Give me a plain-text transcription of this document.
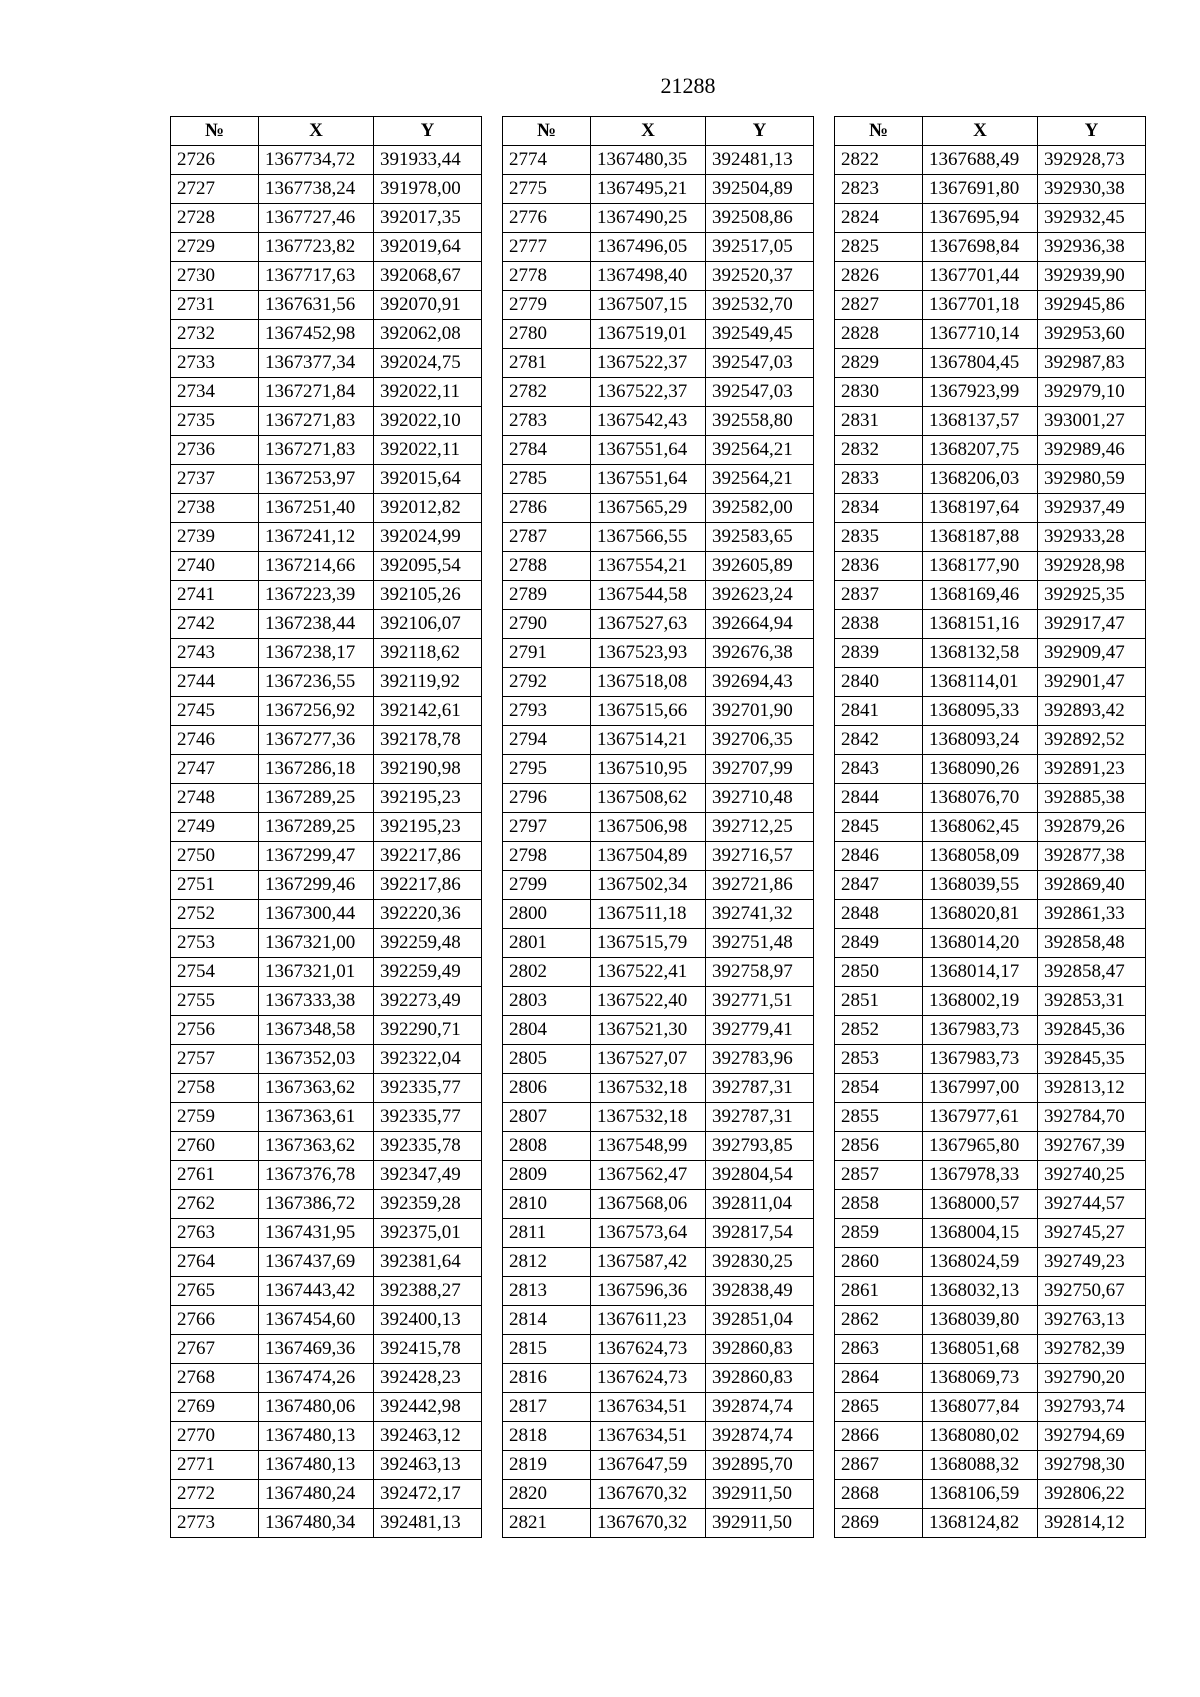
21288
№	X	Y
2726	1367734,72	391933,44
2727	1367738,24	391978,00
2728	1367727,46	392017,35
2729	1367723,82	392019,64
2730	1367717,63	392068,67
2731	1367631,56	392070,91
2732	1367452,98	392062,08
2733	1367377,34	392024,75
2734	1367271,84	392022,11
2735	1367271,83	392022,10
2736	1367271,83	392022,11
2737	1367253,97	392015,64
2738	1367251,40	392012,82
2739	1367241,12	392024,99
2740	1367214,66	392095,54
2741	1367223,39	392105,26
2742	1367238,44	392106,07
2743	1367238,17	392118,62
2744	1367236,55	392119,92
2745	1367256,92	392142,61
2746	1367277,36	392178,78
2747	1367286,18	392190,98
2748	1367289,25	392195,23
2749	1367289,25	392195,23
2750	1367299,47	392217,86
2751	1367299,46	392217,86
2752	1367300,44	392220,36
2753	1367321,00	392259,48
2754	1367321,01	392259,49
2755	1367333,38	392273,49
2756	1367348,58	392290,71
2757	1367352,03	392322,04
2758	1367363,62	392335,77
2759	1367363,61	392335,77
2760	1367363,62	392335,78
2761	1367376,78	392347,49
2762	1367386,72	392359,28
2763	1367431,95	392375,01
2764	1367437,69	392381,64
2765	1367443,42	392388,27
2766	1367454,60	392400,13
2767	1367469,36	392415,78
2768	1367474,26	392428,23
2769	1367480,06	392442,98
2770	1367480,13	392463,12
2771	1367480,13	392463,13
2772	1367480,24	392472,17
2773	1367480,34	392481,13
№	X	Y
2774	1367480,35	392481,13
2775	1367495,21	392504,89
2776	1367490,25	392508,86
2777	1367496,05	392517,05
2778	1367498,40	392520,37
2779	1367507,15	392532,70
2780	1367519,01	392549,45
2781	1367522,37	392547,03
2782	1367522,37	392547,03
2783	1367542,43	392558,80
2784	1367551,64	392564,21
2785	1367551,64	392564,21
2786	1367565,29	392582,00
2787	1367566,55	392583,65
2788	1367554,21	392605,89
2789	1367544,58	392623,24
2790	1367527,63	392664,94
2791	1367523,93	392676,38
2792	1367518,08	392694,43
2793	1367515,66	392701,90
2794	1367514,21	392706,35
2795	1367510,95	392707,99
2796	1367508,62	392710,48
2797	1367506,98	392712,25
2798	1367504,89	392716,57
2799	1367502,34	392721,86
2800	1367511,18	392741,32
2801	1367515,79	392751,48
2802	1367522,41	392758,97
2803	1367522,40	392771,51
2804	1367521,30	392779,41
2805	1367527,07	392783,96
2806	1367532,18	392787,31
2807	1367532,18	392787,31
2808	1367548,99	392793,85
2809	1367562,47	392804,54
2810	1367568,06	392811,04
2811	1367573,64	392817,54
2812	1367587,42	392830,25
2813	1367596,36	392838,49
2814	1367611,23	392851,04
2815	1367624,73	392860,83
2816	1367624,73	392860,83
2817	1367634,51	392874,74
2818	1367634,51	392874,74
2819	1367647,59	392895,70
2820	1367670,32	392911,50
2821	1367670,32	392911,50
№	X	Y
2822	1367688,49	392928,73
2823	1367691,80	392930,38
2824	1367695,94	392932,45
2825	1367698,84	392936,38
2826	1367701,44	392939,90
2827	1367701,18	392945,86
2828	1367710,14	392953,60
2829	1367804,45	392987,83
2830	1367923,99	392979,10
2831	1368137,57	393001,27
2832	1368207,75	392989,46
2833	1368206,03	392980,59
2834	1368197,64	392937,49
2835	1368187,88	392933,28
2836	1368177,90	392928,98
2837	1368169,46	392925,35
2838	1368151,16	392917,47
2839	1368132,58	392909,47
2840	1368114,01	392901,47
2841	1368095,33	392893,42
2842	1368093,24	392892,52
2843	1368090,26	392891,23
2844	1368076,70	392885,38
2845	1368062,45	392879,26
2846	1368058,09	392877,38
2847	1368039,55	392869,40
2848	1368020,81	392861,33
2849	1368014,20	392858,48
2850	1368014,17	392858,47
2851	1368002,19	392853,31
2852	1367983,73	392845,36
2853	1367983,73	392845,35
2854	1367997,00	392813,12
2855	1367977,61	392784,70
2856	1367965,80	392767,39
2857	1367978,33	392740,25
2858	1368000,57	392744,57
2859	1368004,15	392745,27
2860	1368024,59	392749,23
2861	1368032,13	392750,67
2862	1368039,80	392763,13
2863	1368051,68	392782,39
2864	1368069,73	392790,20
2865	1368077,84	392793,74
2866	1368080,02	392794,69
2867	1368088,32	392798,30
2868	1368106,59	392806,22
2869	1368124,82	392814,12
